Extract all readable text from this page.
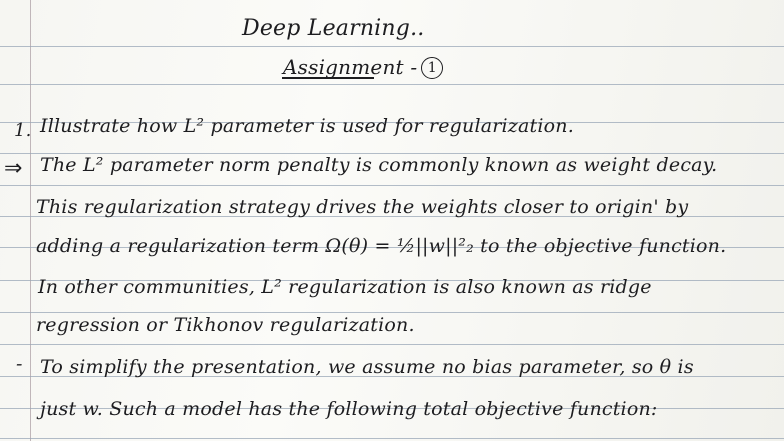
Deep Learning..
Assignment - 1
1. Illustrate how L² parameter is used for regularization.
⇒ The L² parameter norm penalty is commonly known as weight decay.
This regularization strategy drives the weights closer to origin' by
adding a regularization term Ω(θ) = ½||w||²₂ to the objective function.
In other communities, L² regularization is also known as ridge
regression or Tikhonov regularization.
- To simplify the presentation, we assume no bias parameter, so θ is
just w. Such a model has the following total objective function:
